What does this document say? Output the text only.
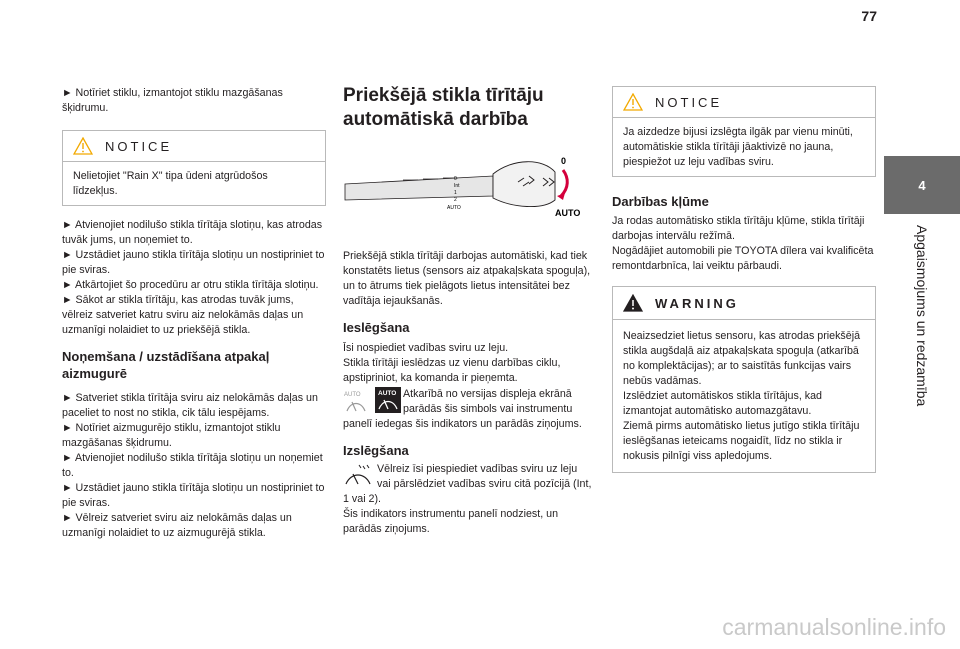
77

► Notīriet stiklu, izmantojot stiklu mazgāšanas šķidrumu.

NOTICE
Nelietojiet "Rain X" tipa ūdeni atgrūdošos līdzekļus.

► Atvienojiet nodilušo stikla tīrītāja slotiņu, kas atrodas tuvāk jums, un noņemiet to.

► Uzstādiet jauno stikla tīrītāja slotiņu un nostipriniet to pie sviras.

► Atkārtojiet šo procedūru ar otru stikla tīrītāja slotiņu.

► Sākot ar stikla tīrītāju, kas atrodas tuvāk jums, vēlreiz satveriet katru sviru aiz nelokāmās daļas un uzmanīgi nolaidiet to uz priekšējā stikla.

Noņemšana / uzstādīšana atpakaļ aizmugurē

► Satveriet stikla tīrītāja sviru aiz nelokāmās daļas un paceliet to nost no stikla, cik tālu iespējams.

► Notīriet aizmugurējo stiklu, izmantojot stiklu mazgāšanas šķidrumu.

► Atvienojiet nodilušo stikla tīrītāja slotiņu un noņemiet to.

► Uzstādiet jauno stikla tīrītāja slotiņu un nostipriniet to pie sviras.

► Vēlreiz satveriet sviru aiz nelokāmās daļas un uzmanīgi nolaidiet to uz aizmugurējā stikla.

Priekšējā stikla tīrītāju automātiskā darbība

0
Int
1
2
AUTO
0
AUTO

Priekšējā stikla tīrītāji darbojas automātiski, kad tiek konstatēts lietus (sensors aiz atpakaļskata spoguļa), un to ātrums tiek pielāgots lietus intensitātei bez vadītāja iejaukšanās.

Ieslēgšana

Īsi nospiediet vadības sviru uz leju.
Stikla tīrītāji ieslēdzas uz vienu darbības ciklu, apstipriniot, ka komanda ir pieņemta.

AUTO	AUTO Atkarībā no versijas displeja ekrānā parādās šis simbols vai instrumentu panelī iedegas šis indikators un parādās ziņojums.

Izslēgšana

Vēlreiz īsi piespiediet vadības sviru uz leju vai pārslēdziet vadības sviru citā pozīcijā (Int, 1 vai 2).
Šis indikators instrumentu panelī nodziest, un parādās ziņojums.

NOTICE
Ja aizdedze bijusi izslēgta ilgāk par vienu minūti, automātiskie stikla tīrītāji jāaktivizē no jauna, piespiežot uz leju vadības sviru.

Darbības kļūme

Ja rodas automātisko stikla tīrītāju kļūme, stikla tīrītāji darbojas intervālu režīmā.
Nogādājiet automobili pie TOYOTA dīlera vai kvalificēta remontdarbnīca, lai veiktu pārbaudi.

WARNING
Neaizsedziet lietus sensoru, kas atrodas priekšējā stikla augšdaļā aiz atpakaļskata spoguļa (atkarībā no komplektācijas); ar to saistītās funkcijas vairs nebūs vadāmas.
Izslēdziet automātiskos stikla tīrītājus, kad izmantojat automātisko automazgātavu.
Ziemā pirms automātisko lietus jutīgo stikla tīrītāju ieslēgšanas ieteicams nogaidīt, līdz no stikla ir nokusis pilnīgi viss apledojums.
4
Apgaismojums un redzamība
carmanualsonline.info
